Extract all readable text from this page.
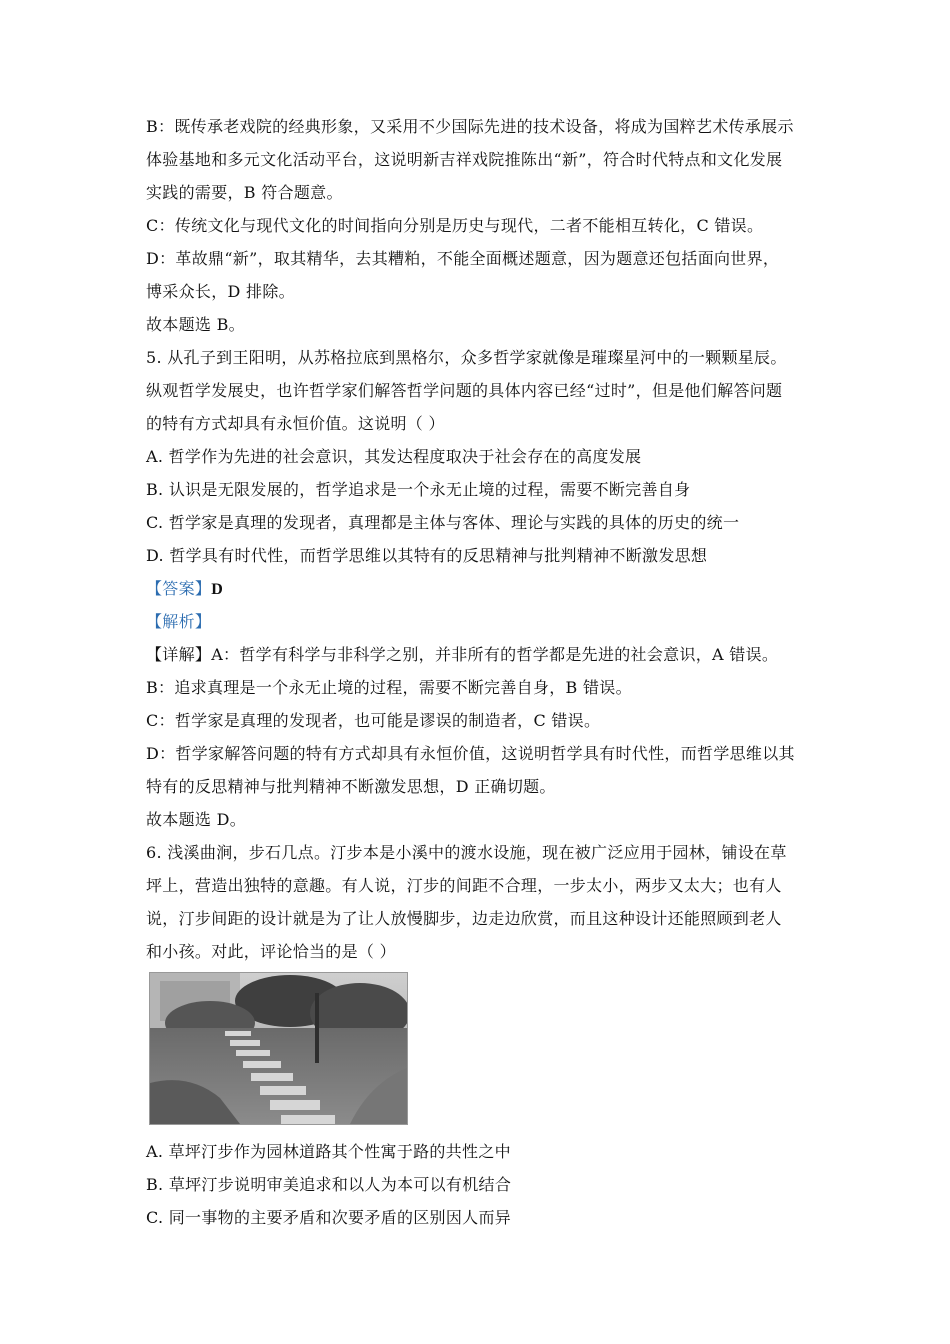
B：既传承老戏院的经典形象，又采用不少国际先进的技术设备，将成为国粹艺术传承展示
体验基地和多元文化活动平台，这说明新吉祥戏院推陈出“新”，符合时代特点和文化发展
实践的需要，B 符合题意。
C：传统文化与现代文化的时间指向分别是历史与现代，二者不能相互转化，C 错误。
D：革故鼎“新”，取其精华，去其糟粕，不能全面概述题意，因为题意还包括面向世界，
博采众长，D 排除。
故本题选 B。
5. 从孔子到王阳明，从苏格拉底到黑格尔，众多哲学家就像是璀璨星河中的一颗颗星辰。
纵观哲学发展史，也许哲学家们解答哲学问题的具体内容已经“过时”，但是他们解答问题
的特有方式却具有永恒价值。这说明（ ）
A. 哲学作为先进的社会意识，其发达程度取决于社会存在的高度发展
B. 认识是无限发展的，哲学追求是一个永无止境的过程，需要不断完善自身
C. 哲学家是真理的发现者，真理都是主体与客体、理论与实践的具体的历史的统一
D. 哲学具有时代性，而哲学思维以其特有的反思精神与批判精神不断激发思想
【答案】D
【解析】
【详解】A：哲学有科学与非科学之别，并非所有的哲学都是先进的社会意识，A 错误。
B：追求真理是一个永无止境的过程，需要不断完善自身，B 错误。
C：哲学家是真理的发现者，也可能是谬误的制造者，C 错误。
D：哲学家解答问题的特有方式却具有永恒价值，这说明哲学具有时代性，而哲学思维以其
特有的反思精神与批判精神不断激发思想，D 正确切题。
故本题选 D。
6. 浅溪曲涧，步石几点。汀步本是小溪中的渡水设施，现在被广泛应用于园林，铺设在草
坪上，营造出独特的意趣。有人说，汀步的间距不合理，一步太小，两步又太大；也有人
说，汀步间距的设计就是为了让人放慢脚步，边走边欣赏，而且这种设计还能照顾到老人
和小孩。对此，评论恰当的是（ ）
A. 草坪汀步作为园林道路其个性寓于路的共性之中
B. 草坪汀步说明审美追求和以人为本可以有机结合
C. 同一事物的主要矛盾和次要矛盾的区别因人而异
